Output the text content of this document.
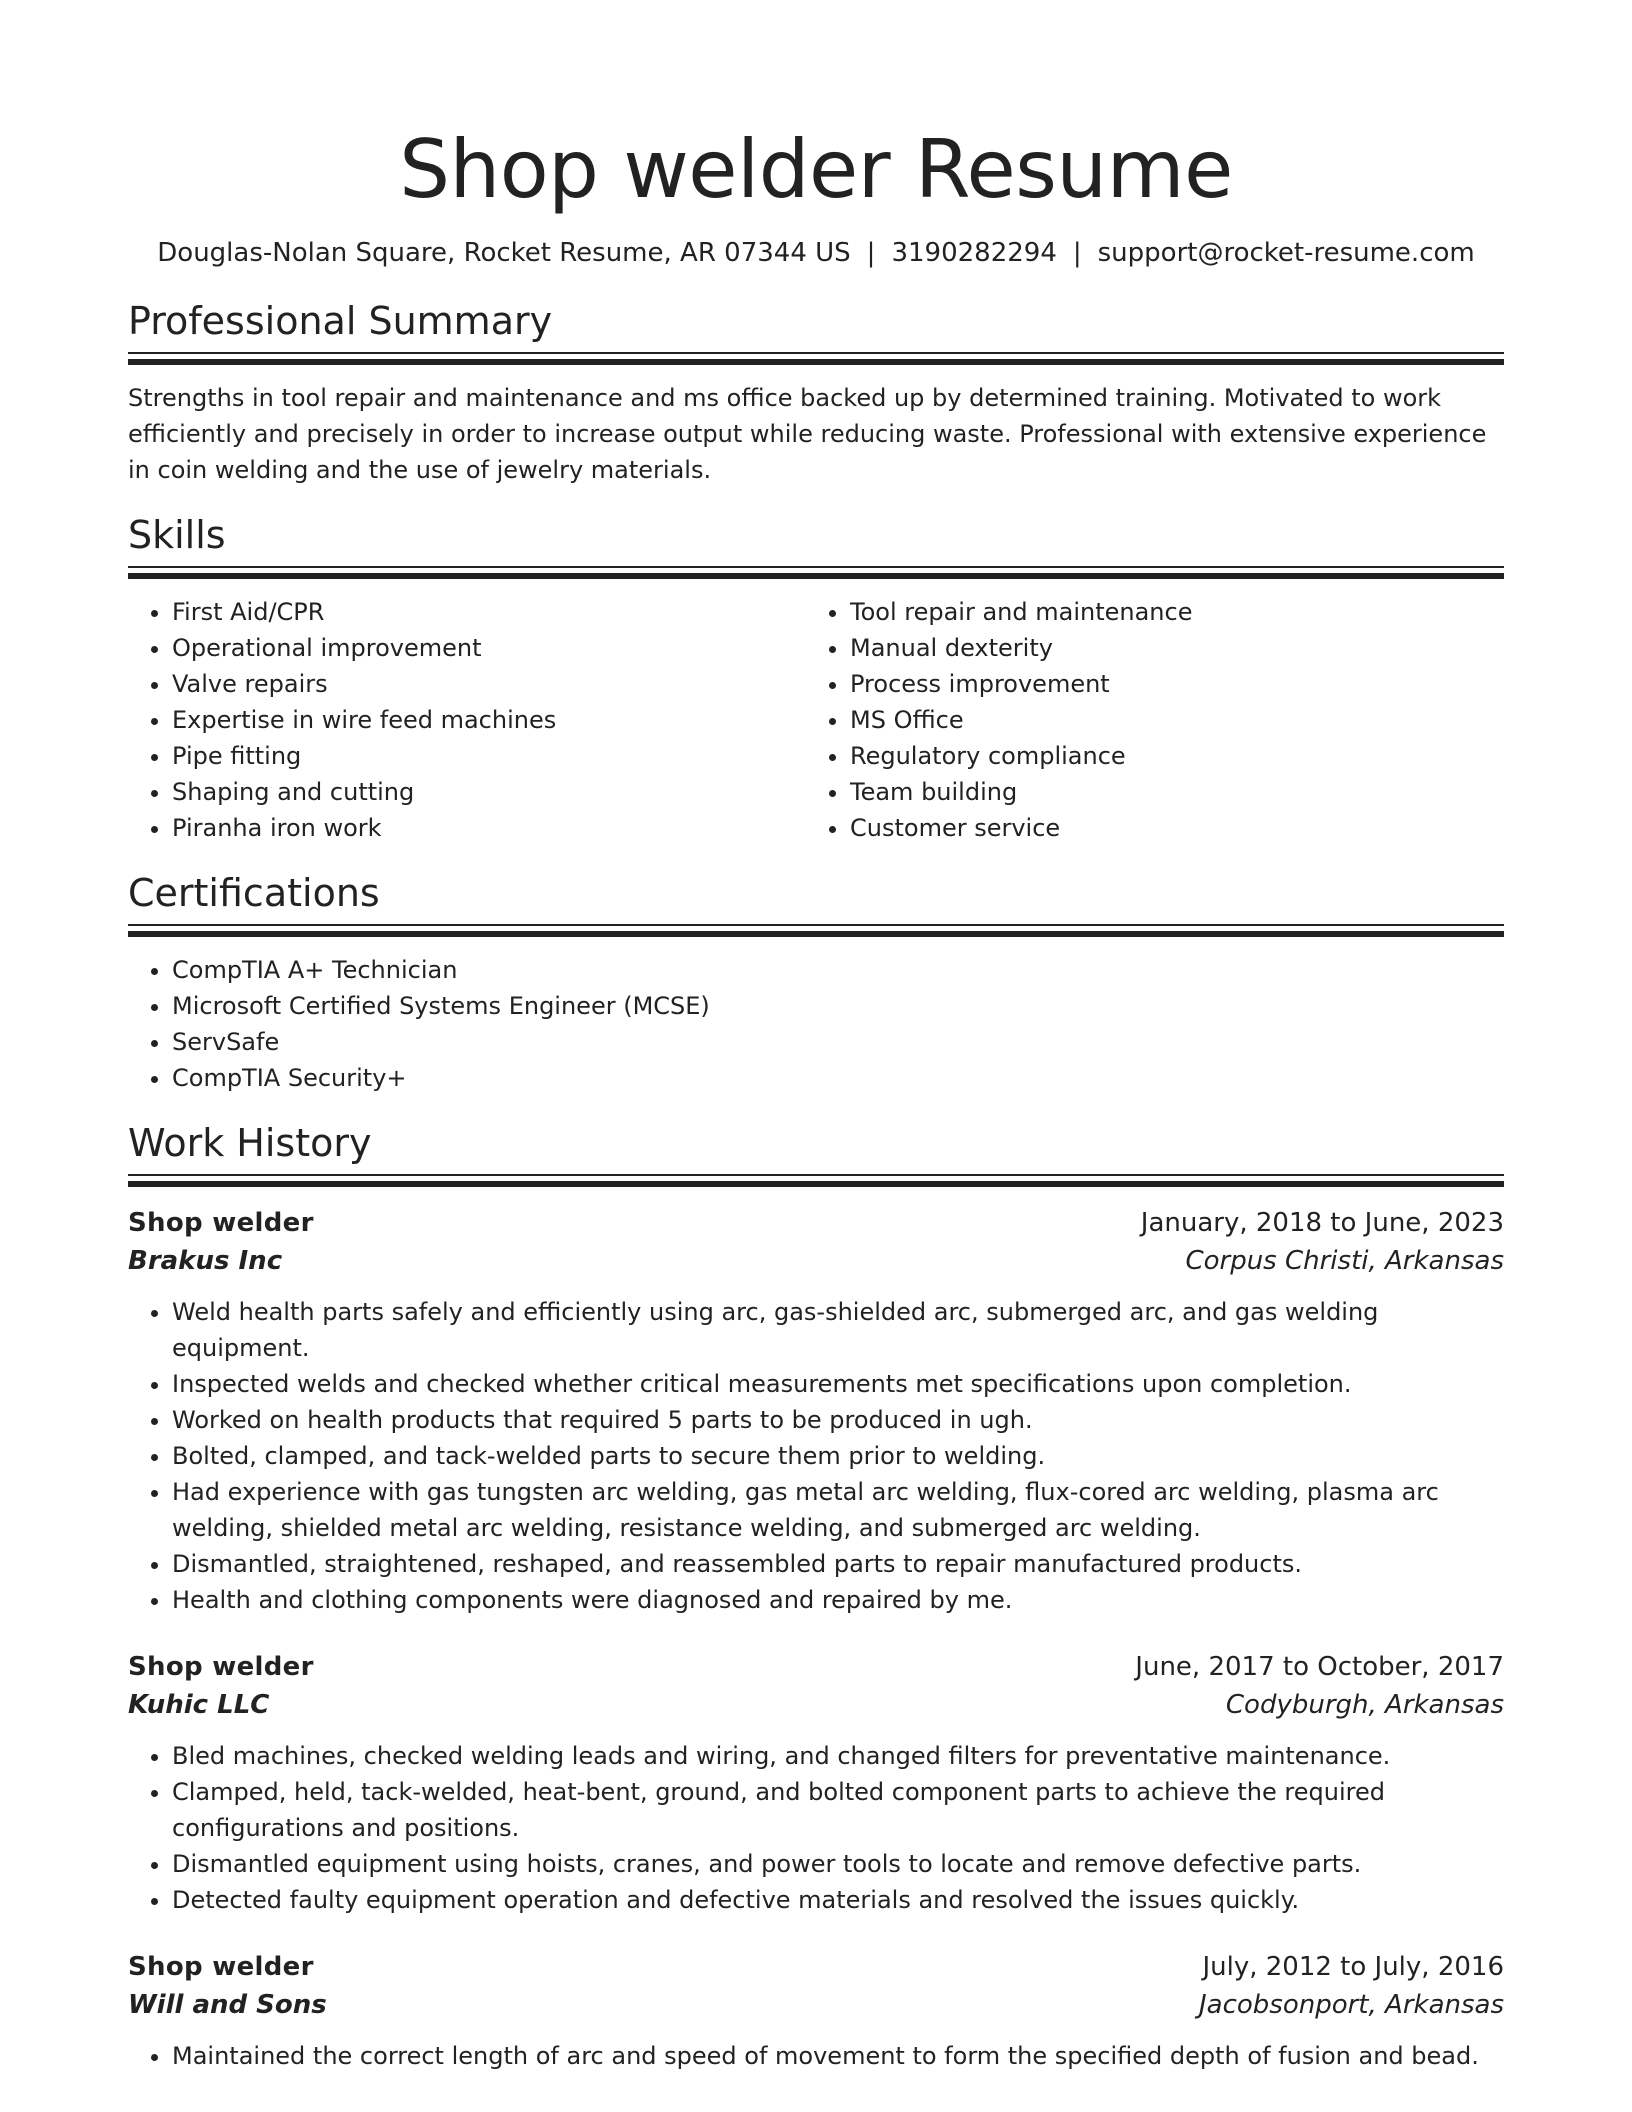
Shop welder Resume
Douglas-Nolan Square, Rocket Resume, AR 07344 US | 3190282294 | support@rocket-resume.com
Professional Summary

Strengths in tool repair and maintenance and ms office backed up by determined training. Motivated to work efficiently and precisely in order to increase output while reducing waste. Professional with extensive experience in coin welding and the use of jewelry materials.

Skills
• First Aid/CPR
• Operational improvement
• Valve repairs
• Expertise in wire feed machines
• Pipe fitting
• Shaping and cutting
• Piranha iron work
• Tool repair and maintenance
• Manual dexterity
• Process improvement
• MS Office
• Regulatory compliance
• Team building
• Customer service
Certifications
• CompTIA A+ Technician
• Microsoft Certified Systems Engineer (MCSE)
• ServSafe
• CompTIA Security+
Work History
Shop welder	January, 2018 to June, 2023
Brakus Inc	Corpus Christi, Arkansas
• Weld health parts safely and efficiently using arc, gas-shielded arc, submerged arc, and gas welding equipment.
• Inspected welds and checked whether critical measurements met specifications upon completion.
• Worked on health products that required 5 parts to be produced in ugh.
• Bolted, clamped, and tack-welded parts to secure them prior to welding.
• Had experience with gas tungsten arc welding, gas metal arc welding, flux-cored arc welding, plasma arc welding, shielded metal arc welding, resistance welding, and submerged arc welding.
• Dismantled, straightened, reshaped, and reassembled parts to repair manufactured products.
• Health and clothing components were diagnosed and repaired by me.
Shop welder	June, 2017 to October, 2017
Kuhic LLC	Codyburgh, Arkansas
• Bled machines, checked welding leads and wiring, and changed filters for preventative maintenance.
• Clamped, held, tack-welded, heat-bent, ground, and bolted component parts to achieve the required configurations and positions.
• Dismantled equipment using hoists, cranes, and power tools to locate and remove defective parts.
• Detected faulty equipment operation and defective materials and resolved the issues quickly.
Shop welder	July, 2012 to July, 2016
Will and Sons	Jacobsonport, Arkansas
• Maintained the correct length of arc and speed of movement to form the specified depth of fusion and bead.
